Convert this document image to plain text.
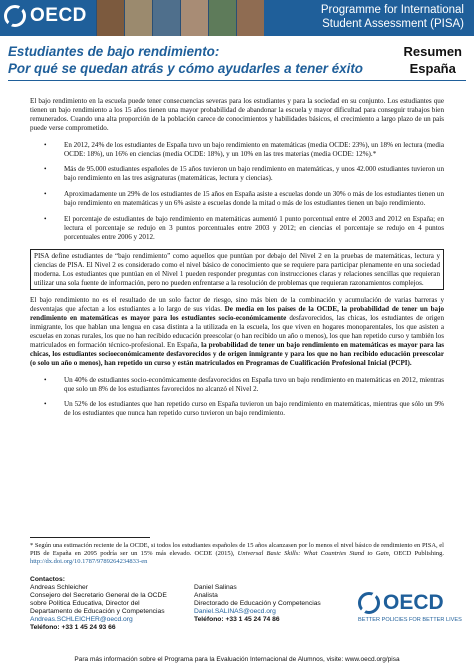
OECD	Programme for International
Student Assessment (PISA)
Estudiantes de bajo rendimiento:
Por qué se quedan atrás y cómo ayudarles a tener éxito
Resumen
España

El bajo rendimiento en la escuela puede tener consecuencias severas para los estudiantes y para la sociedad en su conjunto. Los estudiantes que tienen un bajo rendimiento a los 15 años tienen una mayor probabilidad de abandonar la escuela y mayor dificultad para conseguir trabajos bien remunerados. Cuando una alta proporción de la población carece de conocimientos y habilidades básicos, el crecimiento a largo plazo de un país puede verse comprometido.

• En 2012, 24% de los estudiantes de España tuvo un bajo rendimiento en matemáticas (media OCDE: 23%), un 18% en lectura (media OCDE: 18%), un 16% en ciencias (media OCDE: 18%), y un 10% en las tres materias (media OCDE: 12%).*
• Más de 95.000 estudiantes españoles de 15 años tuvieron un bajo rendimiento en matemáticas, y unos 42.000 estudiantes tuvieron un bajo rendimiento en las tres asignaturas (matemáticas, lectura y ciencias).
• Aproximadamente un 29% de los estudiantes de 15 años en España asiste a escuelas donde un 30% o más de los estudiantes tienen un bajo rendimiento en matemáticas y un 6% asiste a escuelas donde la mitad o más de los estudiantes tienen un bajo rendimiento.
• El porcentaje de estudiantes de bajo rendimiento en matemáticas aumentó 1 punto porcentual entre el 2003 and 2012 en España; en lectura el porcentaje se redujo en 3 puntos porcentuales entre 2003 y 2012; en ciencias el porcentaje se redujo en 4 puntos porcentuales entre 2006 y 2012.
PISA define estudiantes de “bajo rendimiento” como aquellos que puntúan por debajo del Nivel 2 en la pruebas de matemáticas, lectura y ciencias de PISA. El Nivel 2 es considerado como el nivel básico de conocimiento que se requiere para participar plenamente en una sociedad moderna. Los estudiantes que puntúan en el Nivel 1 pueden responder preguntas con instrucciones claras y relaciones sencillas que requieran utilizar una sola fuente de información, pero no pueden enfrentarse a la resolución de problemas que requieran razonamientos complejos.

El bajo rendimiento no es el resultado de un solo factor de riesgo, sino más bien de la combinación y acumulación de varias barreras y desventajas que afectan a los estudiantes a lo largo de sus vidas. De media en los países de la OCDE, la probabilidad de tener un bajo rendimiento en matemáticas es mayor para los estudiantes socio-económicamente desfavorecidos, las chicas, los estudiantes de origen inmigrante, los que hablan una lengua en casa distinta a la utilizada en la escuela, los que viven en hogares monoparentales, los que asisten a escuelas en zonas rurales, los que no han recibido educación preescolar (o han recibido un año o menos), los que han repetido curso y también los matriculados en formación técnico-profesional. En España, la probabilidad de tener un bajo rendimiento en matemáticas es mayor para las chicas, los estudiantes socioeconómicamente desfavorecidos y de origen inmigrante y para los que no han recibido educación preescolar (o solo un año o menos), han repetido un curso y están matriculados en Programas de Cualificación Profesional Inicial (PCPI).

• Un 40% de estudiantes socio-económicamente desfavorecidos en España tuvo un bajo rendimiento en matemáticas en 2012, mientras que solo un 8% de los estudiantes favorecidos no alcanzó el Nivel 2.
• Un 52% de los estudiantes que han repetido curso en España tuvieron un bajo rendimiento en matemáticas, mientras que sólo un 9% de los estudiantes que nunca han repetido curso tuvieron un bajo rendimiento.
* Según una estimación reciente de la OCDE, si todos los estudiantes españoles de 15 años alcanzasen por lo menos el nivel básico de rendimiento en PISA, el PIB de España en 2095 podría ser un 15% más elevado. OCDE (2015), Universal Basic Skills: What Countries Stand to Gain, OECD Publishing. http://dx.doi.org/10.1787/9789264234833-en
Contactos:
Andreas Schleicher
Consejero del Secretario General de la OCDE sobre Política Educativa, Director del Departamento de Educación y Competencias
Andreas.SCHLEICHER@oecd.org
Teléfono: +33 1 45 24 93 66
Daniel Salinas
Analista
Directorado de Educación y Competencias
Daniel.SALINAS@oecd.org
Teléfono: +33 1 45 24 74 86
OECD
BETTER POLICIES FOR BETTER LIVES
Para más información sobre el Programa para la Evaluación Internacional de Alumnos, visite: www.oecd.org/pisa
